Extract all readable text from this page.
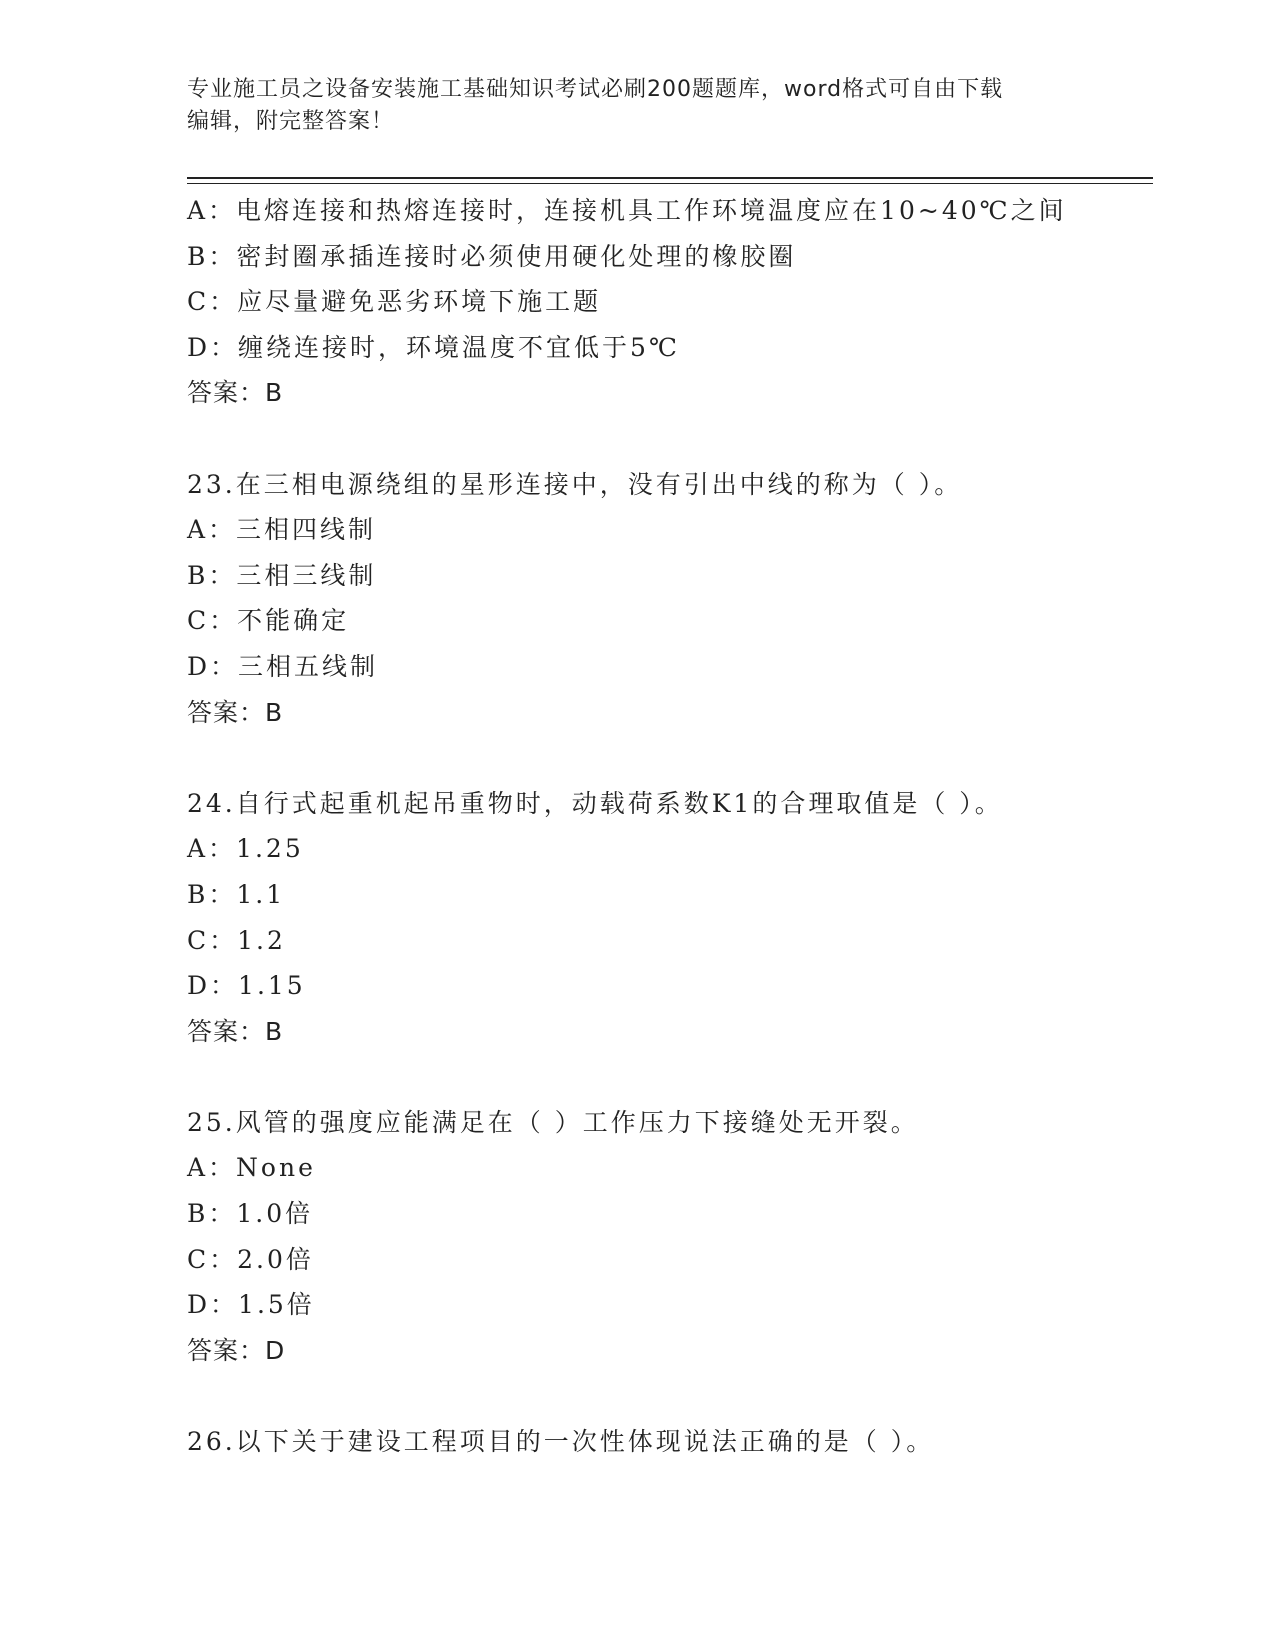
专业施工员之设备安装施工基础知识考试必刷200题题库，word格式可自由下载
编辑，附完整答案！
A：电熔连接和热熔连接时，连接机具工作环境温度应在10~40℃之间
B：密封圈承插连接时必须使用硬化处理的橡胶圈
C：应尽量避免恶劣环境下施工题
D：缠绕连接时，环境温度不宜低于5℃
答案：B
23.在三相电源绕组的星形连接中，没有引出中线的称为（ ）。
A：三相四线制
B：三相三线制
C：不能确定
D：三相五线制
答案：B
24.自行式起重机起吊重物时，动载荷系数K1的合理取值是（ ）。
A：1.25
B：1.1
C：1.2
D：1.15
答案：B
25.风管的强度应能满足在（ ）工作压力下接缝处无开裂。
A：None
B：1.0倍
C：2.0倍
D：1.5倍
答案：D
26.以下关于建设工程项目的一次性体现说法正确的是（ ）。
